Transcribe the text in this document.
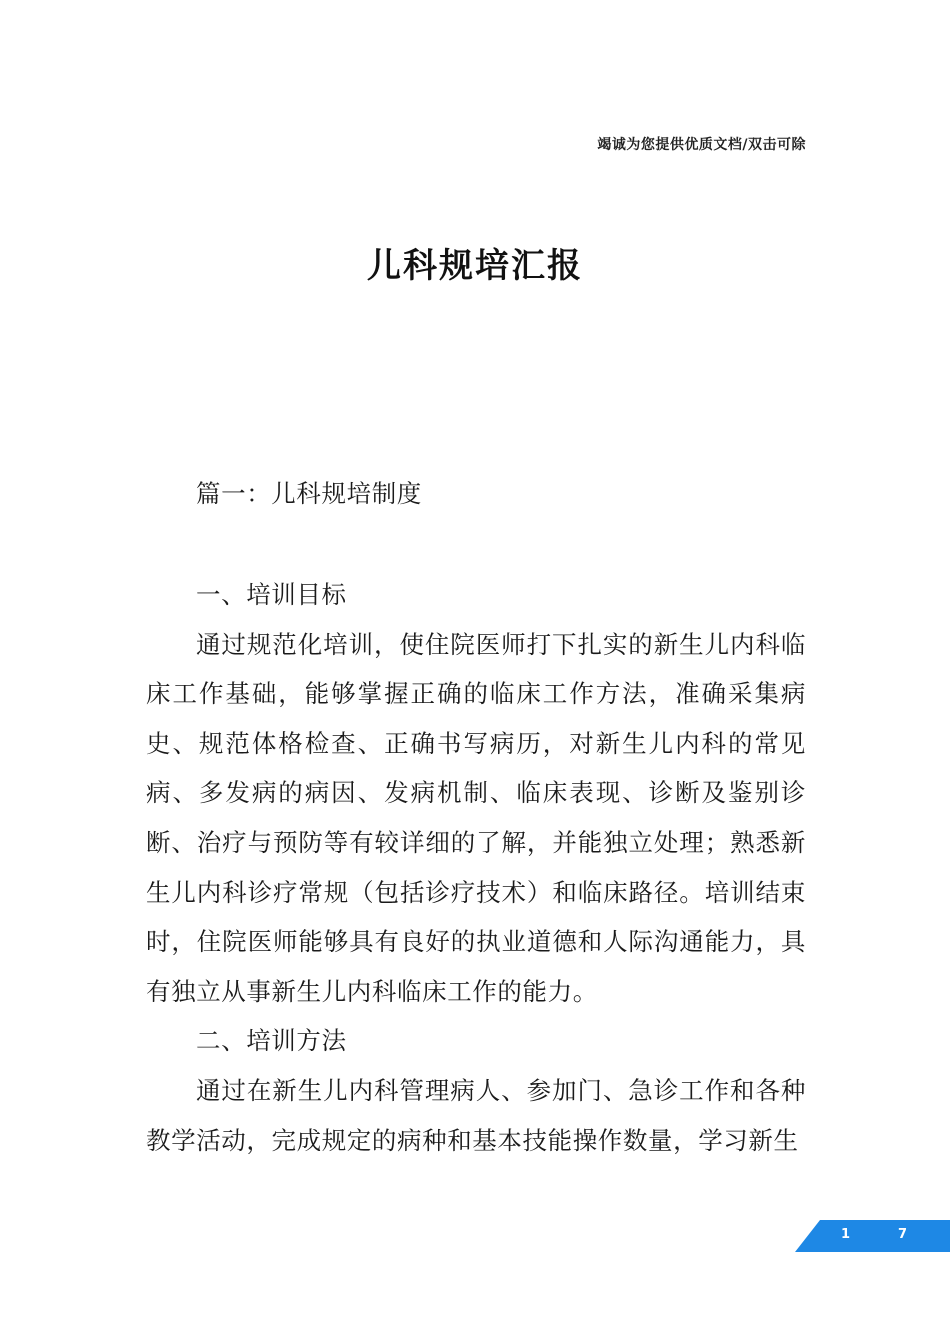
竭诚为您提供优质文档/双击可除
儿科规培汇报
篇一：儿科规培制度

一、培训目标

通过规范化培训，使住院医师打下扎实的新生儿内科临床工作基础，能够掌握正确的临床工作方法，准确采集病史、规范体格检查、正确书写病历，对新生儿内科的常见病、多发病的病因、发病机制、临床表现、诊断及鉴别诊断、治疗与预防等有较详细的了解，并能独立处理；熟悉新生儿内科诊疗常规（包括诊疗技术）和临床路径。培训结束时，住院医师能够具有良好的执业道德和人际沟通能力，具有独立从事新生儿内科临床工作的能力。

二、培训方法

通过在新生儿内科管理病人、参加门、急诊工作和各种教学活动，完成规定的病种和基本技能操作数量，学习新生

1	7
